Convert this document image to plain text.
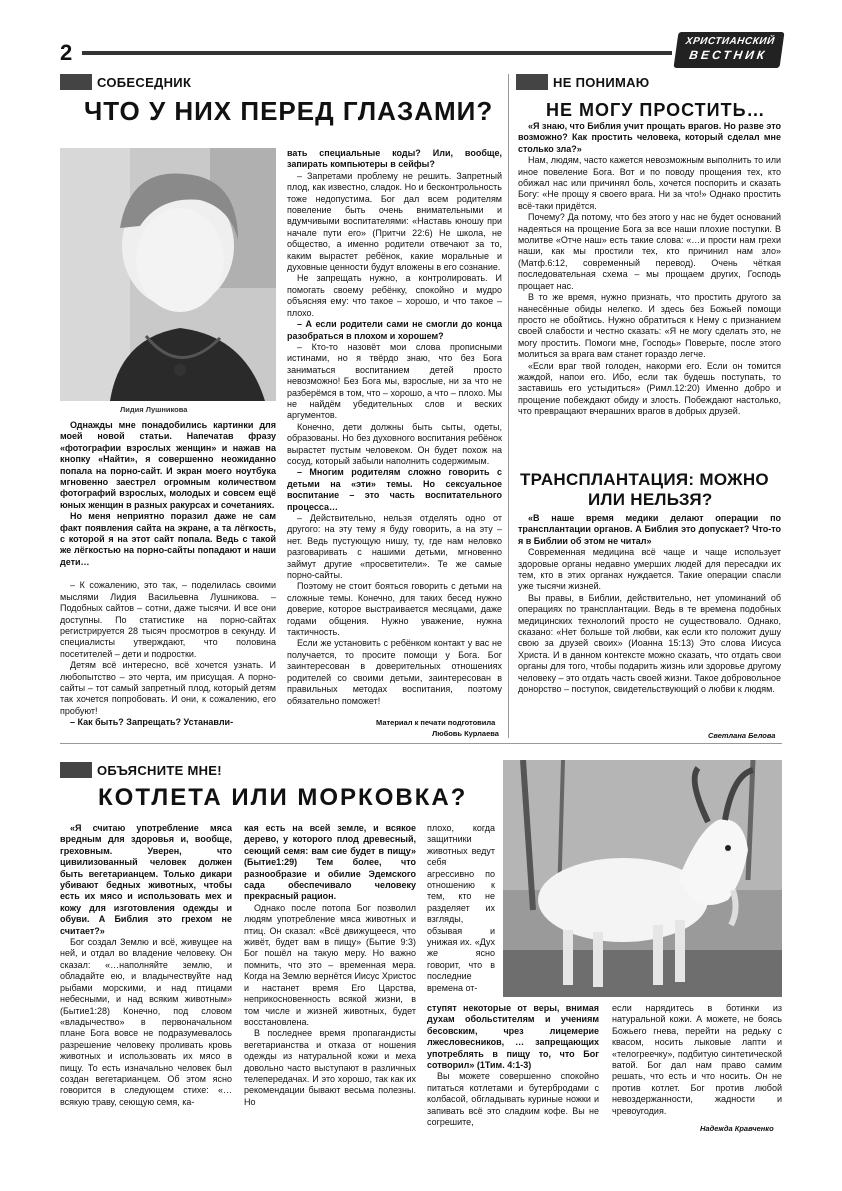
2	ХРИСТИАНСКИЙ
ВЕСТНИК
СОБЕСЕДНИК
ЧТО У НИХ ПЕРЕД ГЛАЗАМИ?
Лидия Лушникова

Однажды мне понадобились картинки для моей новой статьи. Напечатав фразу «фотографии взрослых женщин» и нажав на кнопку «Найти», я совершенно неожиданно попала на порно-сайт. И экран моего ноутбука мгновенно заестрел огромным количеством фотографий взрослых, молодых и совсем ещё юных женщин в разных ракурсах и сочетаниях.

Но меня неприятно поразил даже не сам факт появления сайта на экране, а та лёгкость, с которой я на этот сайт попала. Ведь с такой же лёгкостью на порно-сайты попадают и наши дети…

– К сожалению, это так, – поделилась своими мыслями Лидия Васильевна Лушникова. – Подобных сайтов – сотни, даже тысячи. И все они доступны. По статистике на порно-сайтах регистрируется 28 тысяч просмотров в секунду. И специалисты утверждают, что половина посетителей – дети и подростки.

Детям всё интересно, всё хочется узнать. И любопытство – это черта, им присущая. А порно-сайты – тот самый запретный плод, который детям так хочется попробовать. И они, к сожалению, его пробуют!

– Как быть? Запрещать? Устанавли-

вать специальные коды? Или, вообще, запирать компьютеры в сейфы?

– Запретами проблему не решить. Запретный плод, как известно, сладок. Но и бесконтрольность тоже недопустима. Бог дал всем родителям повеление быть очень внимательными и вдумчивыми воспитателями: «Наставь юношу при начале пути его» (Притчи 22:6) Не школа, не общество, а именно родители отвечают за то, каким вырастет ребёнок, какие моральные и духовные ценности будут вложены в его сознание.

Не запрещать нужно, а контролировать. И помогать своему ребёнку, спокойно и мудро объясняя ему: что такое – хорошо, и что такое – плохо.

– А если родители сами не смогли до конца разобраться в плохом и хорошем?

– Кто-то назовёт мои слова прописными истинами, но я твёрдо знаю, что без Бога заниматься воспитанием детей просто невозможно! Без Бога мы, взрослые, ни за что не разберёмся в том, что – хорошо, а что – плохо. Мы не найдём убедительных слов и веских аргументов.

Конечно, дети должны быть сыты, одеты, образованы. Но без духовного воспитания ребёнок вырастет пустым человеком. Он будет похож на сосуд, который забыли наполнить содержимым.

– Многим родителям сложно говорить с детьми на «эти» темы. Но сексуальное воспитание – это часть воспитательного процесса…

– Действительно, нельзя отделять одно от другого: на эту тему я буду говорить, а на эту – нет. Ведь пустующую нишу, ту, где нам неловко разговаривать с нашими детьми, мгновенно займут другие «просветители». Те же самые порно-сайты.

Поэтому не стоит бояться говорить с детьми на сложные темы. Конечно, для таких бесед нужно доверие, которое выстраивается месяцами, даже годами общения. Нужно уважение, нужна тактичность.

Если же установить с ребёнком контакт у вас не получается, то просите помощи у Бога. Бог заинтересован в доверительных отношениях родителей со своими детьми, заинтересован в правильных методах воспитания, поэтому обязательно поможет!

Материал к печати подготовила
Любовь Курлаева
НЕ ПОНИМАЮ
НЕ МОГУ ПРОСТИТЬ…

«Я знаю, что Библия учит прощать врагов. Но разве это возможно? Как простить человека, который сделал мне столько зла?»

Нам, людям, часто кажется невозможным выполнить то или иное повеление Бога. Вот и по поводу прощения тех, кто обижал нас или причинял боль, хочется поспорить и сказать Богу: «Не прощу я своего врага. Ни за что!» Однако простить всё-таки придётся.

Почему? Да потому, что без этого у нас не будет оснований надеяться на прощение Бога за все наши плохие поступки. В молитве «Отче наш» есть такие слова: «…и прости нам грехи наши, как мы простили тех, кто причинил нам зло» (Матф.6:12, современный перевод). Очень чёткая последовательная схема – мы прощаем других, Господь прощает нас.

В то же время, нужно признать, что простить другого за нанесённые обиды нелегко. И здесь без Божьей помощи просто не обойтись. Нужно обратиться к Нему с признанием своей слабости и честно сказать: «Я не могу сделать это, не могу простить. Помоги мне, Господь» Поверьте, после этого молиться за врага вам станет гораздо легче.

«Если враг твой голоден, накорми его. Если он томится жаждой, напои его. Ибо, если так будешь поступать, то заставишь его устыдиться» (Римл.12:20) Именно добро и прощение побеждают обиду и злость. Побеждают настолько, что превращают вчерашних врагов в добрых друзей.

ТРАНСПЛАНТАЦИЯ: МОЖНО
ИЛИ НЕЛЬЗЯ?

«В наше время медики делают операции по трансплантации органов. А Библия это допускает? Что-то я в Библии об этом не читал»

Современная медицина всё чаще и чаще использует здоровые органы недавно умерших людей для пересадки их тем, кто в этих органах нуждается. Такие операции спасли уже тысячи жизней.

Вы правы, в Библии, действительно, нет упоминаний об операциях по трансплантации. Ведь в те времена подобных медицинских технологий просто не существовало. Однако, сказано: «Нет больше той любви, как если кто положит душу свою за друзей своих» (Иоанна 15:13) Это слова Иисуса Христа. И в данном контексте можно сказать, что отдать свои органы для того, чтобы подарить жизнь или здоровье другому человеку – это отдать часть своей жизни. Такое добровольное донорство – поступок, свидетельствующий о любви к людям.

Светлана Белова
ОБЪЯСНИТЕ МНЕ!
КОТЛЕТА ИЛИ МОРКОВКА?

«Я считаю употребление мяса вредным для здоровья и, вообще, греховным. Уверен, что цивилизованный человек должен быть вегетарианцем. Только дикари убивают бедных животных, чтобы есть их мясо и использовать мех и кожу для изготовления одежды и обуви. А Библия это грехом не считает?»

Бог создал Землю и всё, живущее на ней, и отдал во владение человеку. Он сказал: «…наполняйте землю, и обладайте ею, и владычествуйте над рыбами морскими, и над птицами небесными, и над всяким животным» (Бытие1:28) Конечно, под словом «владычество» в первоначальном плане Бога вовсе не подразумевалось разрешение человеку проливать кровь животных и использовать их мясо в пищу. То есть изначально человек был создан вегетарианцем. Об этом ясно говорится в следующем стихе: «…всякую траву, сеющую семя, ка-

кая есть на всей земле, и всякое дерево, у которого плод древесный, сеющий семя: вам сие будет в пищу» (Бытие1:29) Тем более, что разнообразие и обилие Эдемского сада обеспечивало человеку прекрасный рацион.

Однако после потопа Бог позволил людям употребление мяса животных и птиц. Он сказал: «Всё движущееся, что живёт, будет вам в пищу» (Бытие 9:3) Бог пошёл на такую меру. Но важно помнить, что это – временная мера. Когда на Землю вернётся Иисус Христос и настанет время Его Царства, неприкосновенность всякой жизни, в том числе и жизней животных, будет восстановлена.

В последнее время пропагандисты вегетарианства и отказа от ношения одежды из натуральной кожи и меха довольно часто выступают в различных телепередачах. И это хорошо, так как их рекомендации бывают весьма полезны. Но

плохо, когда защитники животных ведут себя агрессивно по отношению к тем, кто не разделяет их взгляды, обзывая и унижая их. «Дух же ясно говорит, что в последние времена от-

ступят некоторые от веры, внимая духам обольстителям и учениям бесовским, чрез лицемерие лжесловесников, … запрещающих употреблять в пищу то, что Бог сотворил» (1Тим. 4:1-3)

Вы можете совершенно спокойно питаться котлетами и бутербродами с колбасой, обгладывать куриные ножки и запивать всё это сладким кофе. Вы не согрешите,

если нарядитесь в ботинки из натуральной кожи. А можете, не боясь Божьего гнева, перейти на редьку с квасом, носить лыковые лапти и «телогреечку», подбитую синтетической ватой. Бог дал нам право самим решать, что есть и что носить. Он не против котлет. Бог против любой невоздержанности, жадности и чревоугодия.

Надежда Кравченко
